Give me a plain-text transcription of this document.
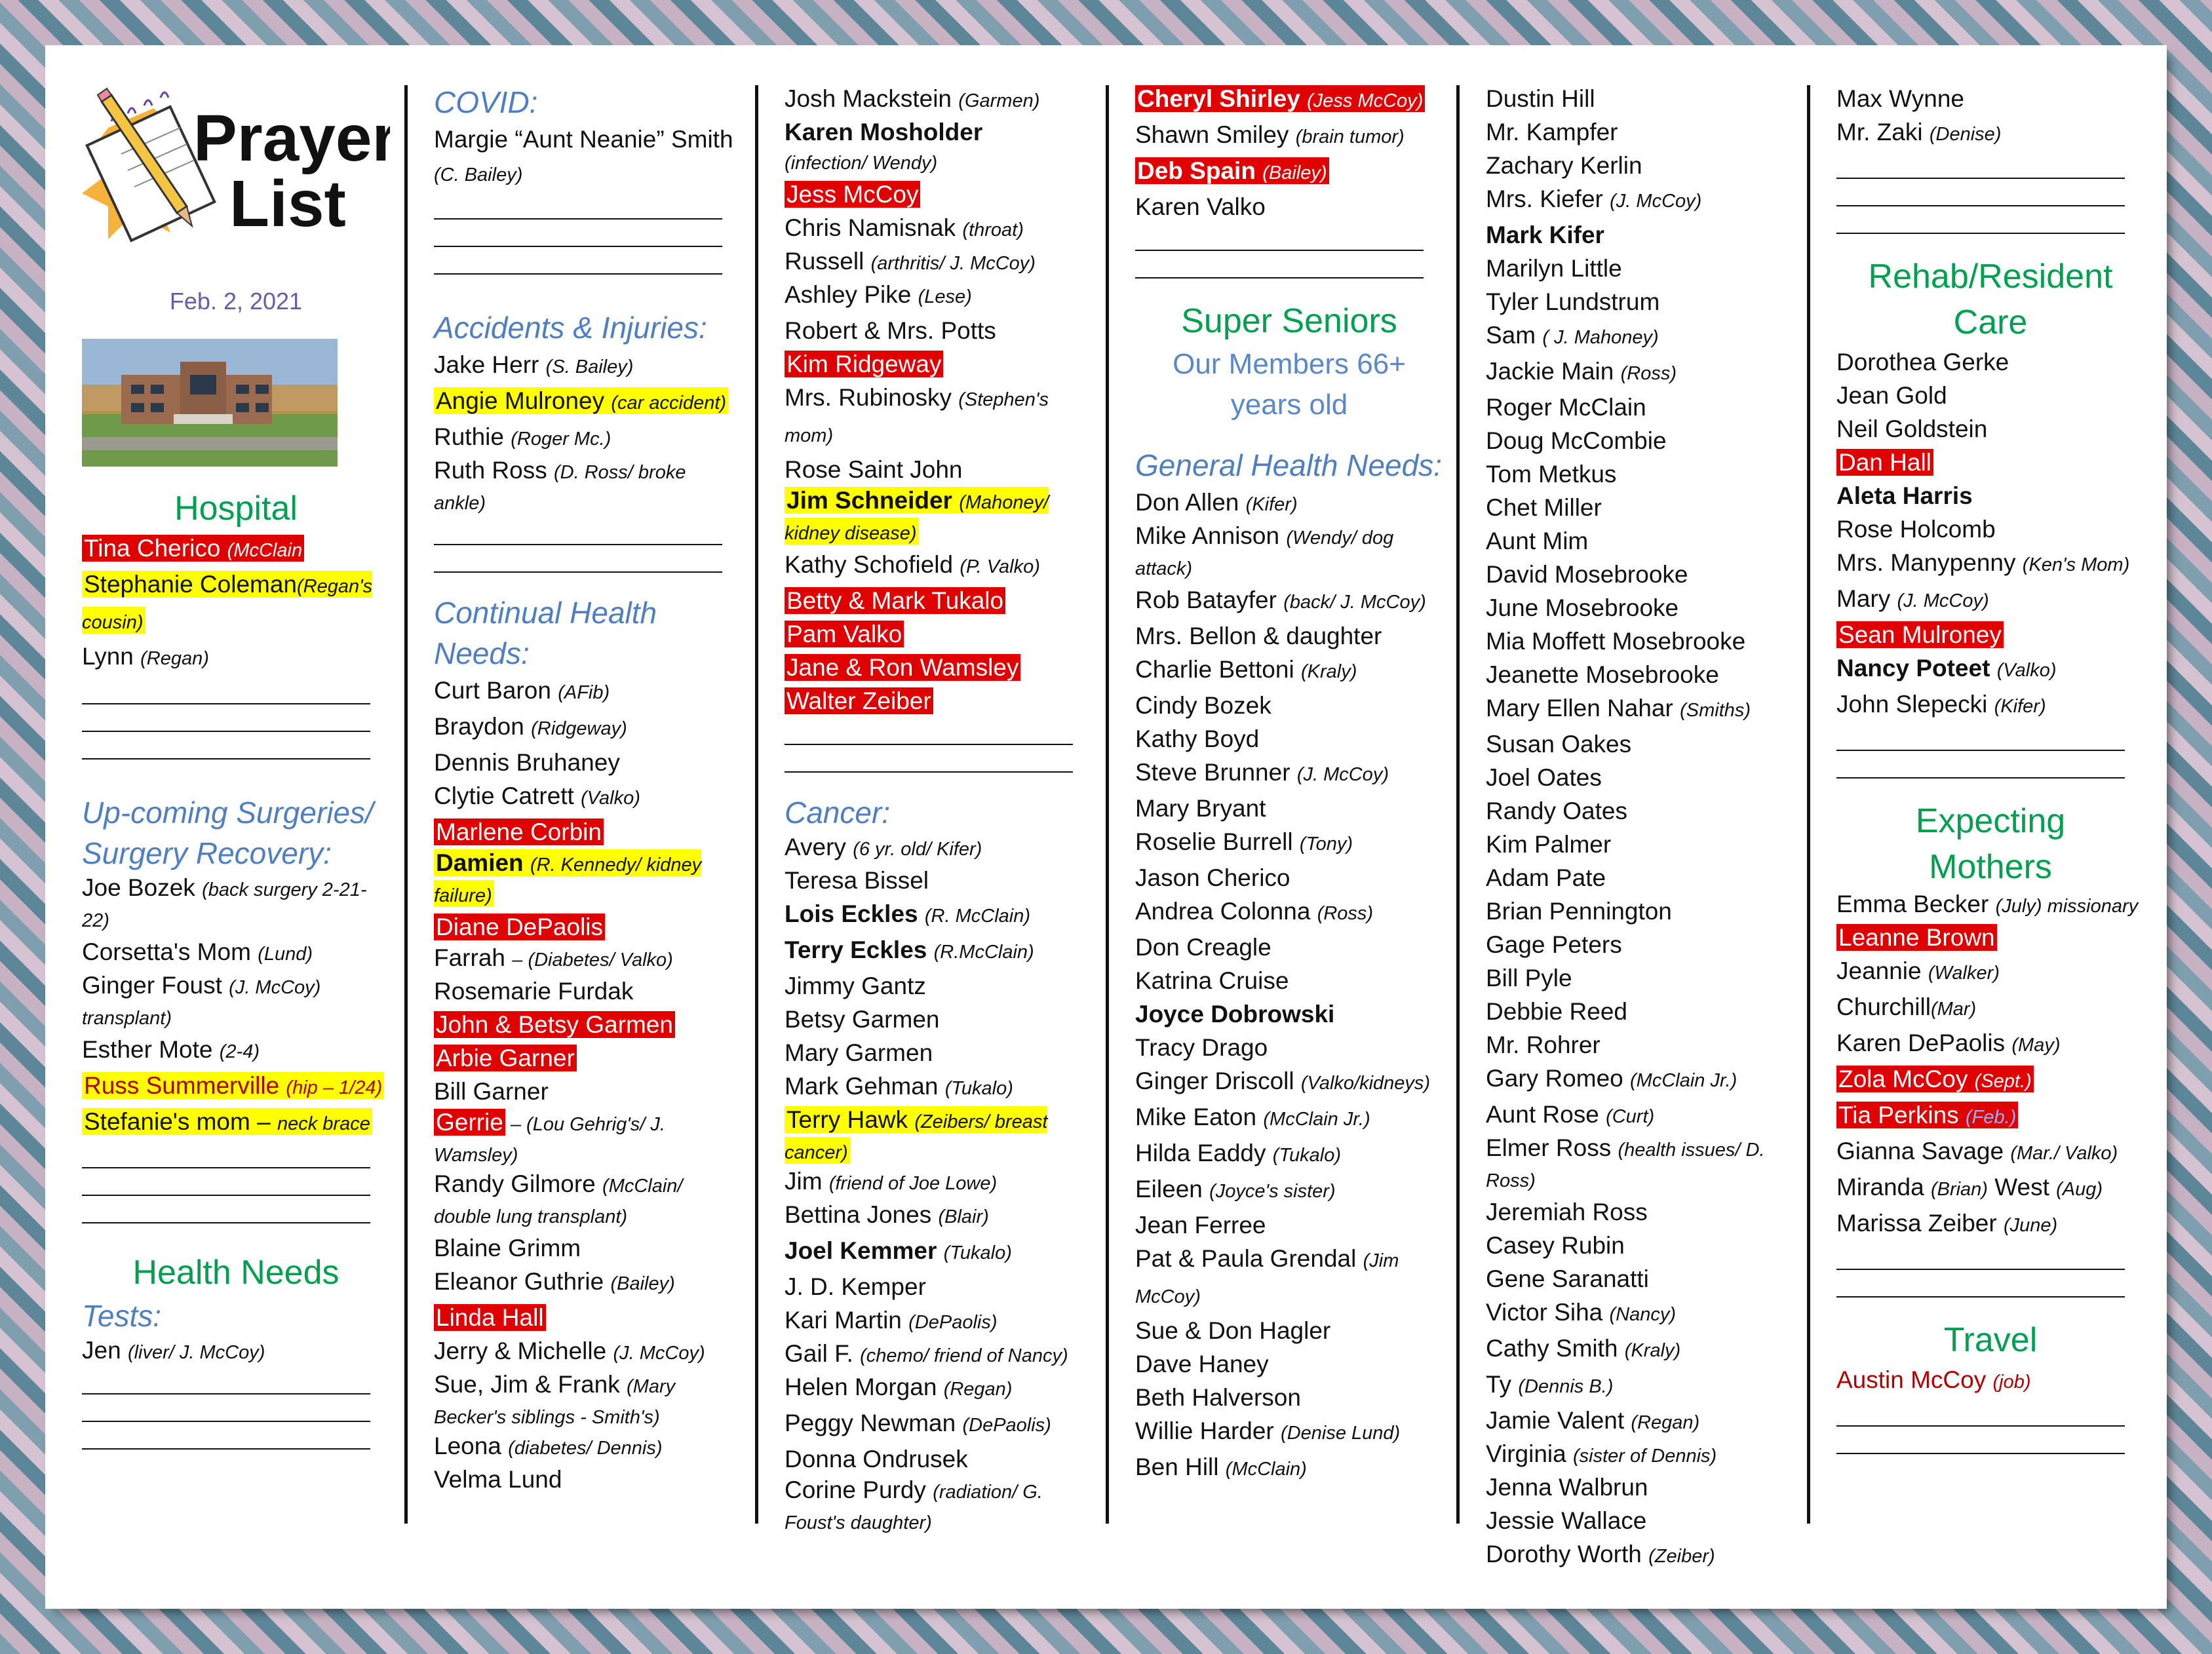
Prayer
List
Feb. 2, 2021
Hospital
Tina Cherico (McClain
Stephanie Coleman(Regan's cousin)
Lynn (Regan)
Up-coming Surgeries/ Surgery Recovery:
Joe Bozek (back surgery 2-21-22)
Corsetta's Mom (Lund)
Ginger Foust (J. McCoy) transplant)
Esther Mote (2-4)
Russ Summerville (hip – 1/24)
Stefanie's mom – neck brace
Health Needs
Tests:
Jen (liver/ J. McCoy)
COVID:
Margie “Aunt Neanie” Smith (C. Bailey)
Accidents & Injuries:
Jake Herr (S. Bailey)
Angie Mulroney (car accident)
Ruthie (Roger Mc.)
Ruth Ross (D. Ross/ broke ankle)
Continual Health Needs:
Curt Baron (AFib)
Braydon (Ridgeway)
Dennis Bruhaney
Clytie Catrett (Valko)
Marlene Corbin
Damien (R. Kennedy/ kidney failure)
Diane DePaolis
Farrah – (Diabetes/ Valko)
Rosemarie Furdak
John & Betsy Garmen
Arbie Garner
Bill Garner
Gerrie – (Lou Gehrig's/ J. Wamsley)
Randy Gilmore (McClain/ double lung transplant)
Blaine Grimm
Eleanor Guthrie (Bailey)
Linda Hall
Jerry & Michelle (J. McCoy)
Sue, Jim & Frank (Mary Becker's siblings - Smith's)
Leona (diabetes/ Dennis)
Velma Lund
Josh Mackstein (Garmen)
Karen Mosholder
(infection/ Wendy)
Jess McCoy
Chris Namisnak (throat)
Russell (arthritis/ J. McCoy)
Ashley Pike (Lese)
Robert & Mrs. Potts
Kim Ridgeway
Mrs. Rubinosky (Stephen's mom)
Rose Saint John
Jim Schneider (Mahoney/ kidney disease)
Kathy Schofield (P. Valko)
Betty & Mark Tukalo
Pam Valko
Jane & Ron Wamsley
Walter Zeiber
Cancer:
Avery (6 yr. old/ Kifer)
Teresa Bissel
Lois Eckles (R. McClain)
Terry Eckles (R.McClain)
Jimmy Gantz
Betsy Garmen
Mary Garmen
Mark Gehman (Tukalo)
Terry Hawk (Zeibers/ breast cancer)
Jim (friend of Joe Lowe)
Bettina Jones (Blair)
Joel Kemmer (Tukalo)
J. D. Kemper
Kari Martin (DePaolis)
Gail F. (chemo/ friend of Nancy)
Helen Morgan (Regan)
Peggy Newman (DePaolis)
Donna Ondrusek
Corine Purdy (radiation/ G. Foust's daughter)
Cheryl Shirley (Jess McCoy)
Shawn Smiley (brain tumor)
Deb Spain (Bailey)
Karen Valko
Super Seniors
Our Members 66+ years old
General Health Needs:
Don Allen (Kifer)
Mike Annison (Wendy/ dog attack)
Rob Batayfer (back/ J. McCoy)
Mrs. Bellon & daughter
Charlie Bettoni (Kraly)
Cindy Bozek
Kathy Boyd
Steve Brunner (J. McCoy)
Mary Bryant
Roselie Burrell (Tony)
Jason Cherico
Andrea Colonna (Ross)
Don Creagle
Katrina Cruise
Joyce Dobrowski
Tracy Drago
Ginger Driscoll (Valko/kidneys)
Mike Eaton (McClain Jr.)
Hilda Eaddy (Tukalo)
Eileen (Joyce's sister)
Jean Ferree
Pat & Paula Grendal (Jim McCoy)
Sue & Don Hagler
Dave Haney
Beth Halverson
Willie Harder (Denise Lund)
Ben Hill (McClain)
Dustin Hill
Mr. Kampfer
Zachary Kerlin
Mrs. Kiefer (J. McCoy)
Mark Kifer
Marilyn Little
Tyler Lundstrum
Sam ( J. Mahoney)
Jackie Main (Ross)
Roger McClain
Doug McCombie
Tom Metkus
Chet Miller
Aunt Mim
David Mosebrooke
June Mosebrooke
Mia Moffett Mosebrooke
Jeanette Mosebrooke
Mary Ellen Nahar (Smiths)
Susan Oakes
Joel Oates
Randy Oates
Kim Palmer
Adam Pate
Brian Pennington
Gage Peters
Bill Pyle
Debbie Reed
Mr. Rohrer
Gary Romeo (McClain Jr.)
Aunt Rose (Curt)
Elmer Ross (health issues/ D. Ross)
Jeremiah Ross
Casey Rubin
Gene Saranatti
Victor Siha (Nancy)
Cathy Smith (Kraly)
Ty (Dennis B.)
Jamie Valent (Regan)
Virginia (sister of Dennis)
Jenna Walbrun
Jessie Wallace
Dorothy Worth (Zeiber)
Max Wynne
Mr. Zaki (Denise)
Rehab/Resident Care
Dorothea Gerke
Jean Gold
Neil Goldstein
Dan Hall
Aleta Harris
Rose Holcomb
Mrs. Manypenny (Ken's Mom)
Mary (J. McCoy)
Sean Mulroney
Nancy Poteet (Valko)
John Slepecki (Kifer)
Expecting Mothers
Emma Becker (July) missionary
Leanne Brown
Jeannie (Walker) Churchill(Mar)
Karen DePaolis (May)
Zola McCoy (Sept.)
Tia Perkins (Feb.)
Gianna Savage (Mar./ Valko)
Miranda (Brian) West (Aug)
Marissa Zeiber (June)
Travel
Austin McCoy (job)
